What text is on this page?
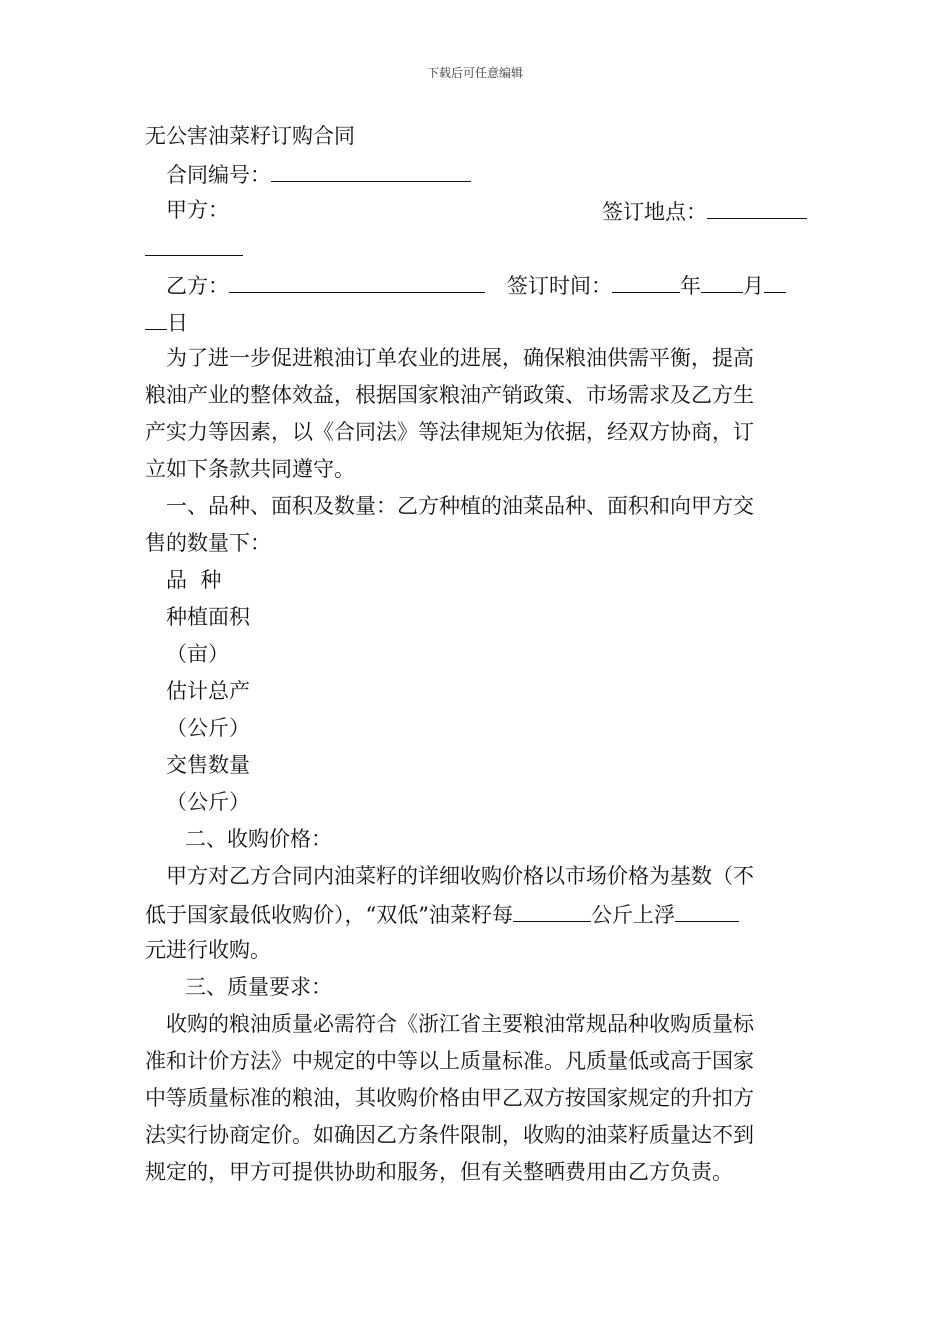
下载后可任意编辑
无公害油菜籽订购合同
合同编号：
甲方：	签订地点：
乙方：	签订时间：	年 月
日
为了进一步促进粮油订单农业的进展，确保粮油供需平衡，提高
粮油产业的整体效益，根据国家粮油产销政策、市场需求及乙方生
产实力等因素，以《合同法》等法律规矩为依据，经双方协商，订
立如下条款共同遵守。
一、品种、面积及数量：乙方种植的油菜品种、面积和向甲方交
售的数量下：
品  种
种植面积
（亩）
估计总产
（公斤）
交售数量
（公斤）
二、收购价格：
甲方对乙方合同内油菜籽的详细收购价格以市场价格为基数（不
低于国家最低收购价），“双低”油菜籽每	公斤上浮
元进行收购。
三、质量要求：
收购的粮油质量必需符合《浙江省主要粮油常规品种收购质量标
准和计价方法》中规定的中等以上质量标准。凡质量低或高于国家
中等质量标准的粮油，其收购价格由甲乙双方按国家规定的升扣方
法实行协商定价。如确因乙方条件限制，收购的油菜籽质量达不到
规定的，甲方可提供协助和服务，但有关整晒费用由乙方负责。
